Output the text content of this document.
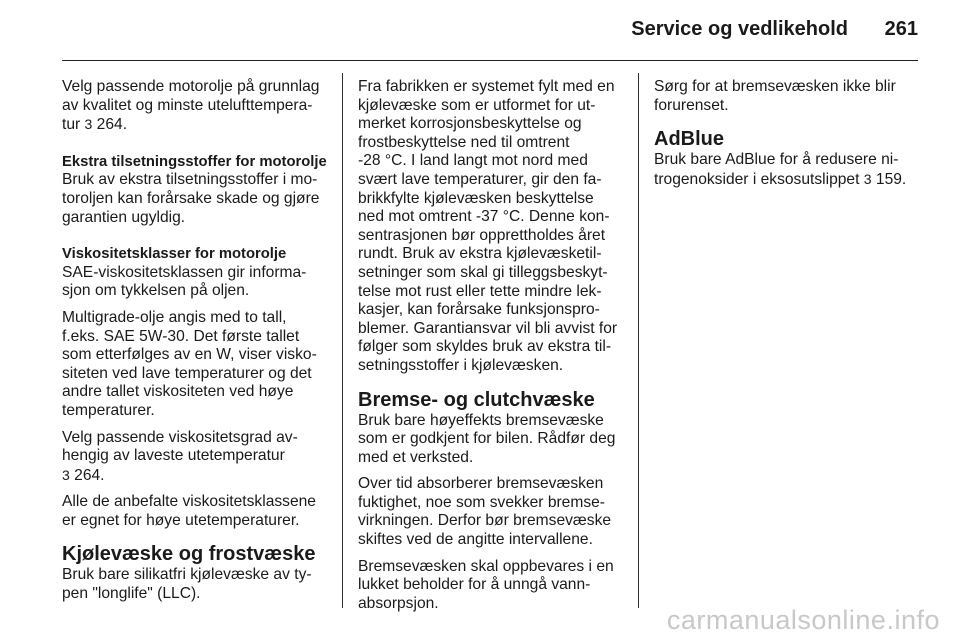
Service og vedlikehold 261

Velg passende motorolje på grunnlag
av kvalitet og minste utelufttempera-
tur 3 264.

Ekstra tilsetningsstoffer for motorolje

Bruk av ekstra tilsetningsstoffer i mo-
toroljen kan forårsake skade og gjøre
garantien ugyldig.

Viskositetsklasser for motorolje

SAE-viskositetsklassen gir informa-
sjon om tykkelsen på oljen.

Multigrade-olje angis med to tall,
f.eks. SAE 5W-30. Det første tallet
som etterfølges av en W, viser visko-
siteten ved lave temperaturer og det
andre tallet viskositeten ved høye
temperaturer.

Velg passende viskositetsgrad av-
hengig av laveste utetemperatur
3 264.

Alle de anbefalte viskositetsklassene
er egnet for høye utetemperaturer.

Kjølevæske og frostvæske

Bruk bare silikatfri kjølevæske av ty-
pen "longlife" (LLC).

Fra fabrikken er systemet fylt med en
kjølevæske som er utformet for ut-
merket korrosjonsbeskyttelse og
frostbeskyttelse ned til omtrent
-28 °C. I land langt mot nord med
svært lave temperaturer, gir den fa-
brikkfylte kjølevæsken beskyttelse
ned mot omtrent -37 °C. Denne kon-
sentrasjonen bør opprettholdes året
rundt. Bruk av ekstra kjølevæsketil-
setninger som skal gi tilleggsbeskyt-
telse mot rust eller tette mindre lek-
kasjer, kan forårsake funksjonspro-
blemer. Garantiansvar vil bli avvist for
følger som skyldes bruk av ekstra til-
setningsstoffer i kjølevæsken.

Bremse- og clutchvæske

Bruk bare høyeffekts bremsevæske
som er godkjent for bilen. Rådfør deg
med et verksted.

Over tid absorberer bremsevæsken
fuktighet, noe som svekker bremse-
virkningen. Derfor bør bremsevæske
skiftes ved de angitte intervallene.

Bremsevæsken skal oppbevares i en
lukket beholder for å unngå vann-
absorpsjon.

Sørg for at bremsevæsken ikke blir
forurenset.

AdBlue

Bruk bare AdBlue for å redusere ni-
trogenoksider i eksosutslippet 3 159.

carmanualsonline.info
